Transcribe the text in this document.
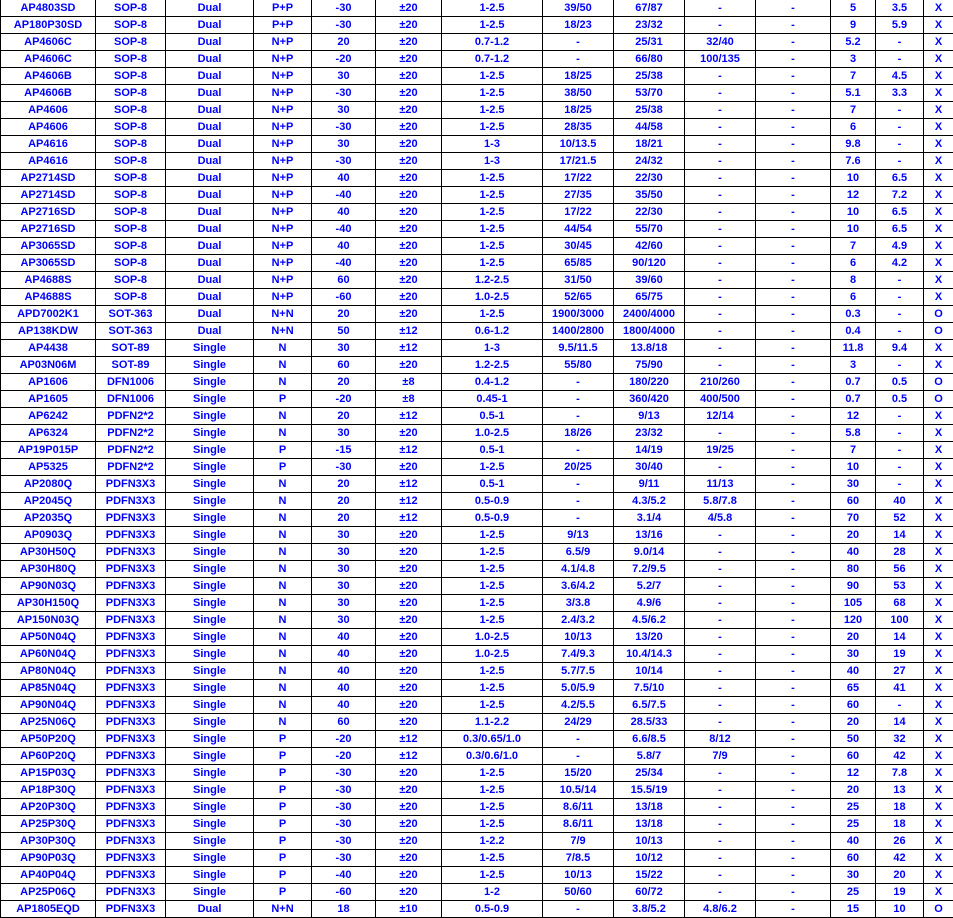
AP4803SD	SOP-8	Dual	P+P	-30	±20	1-2.5	39/50	67/87	-	-	5	3.5	X
AP180P30SD	SOP-8	Dual	P+P	-30	±20	1-2.5	18/23	23/32	-	-	9	5.9	X
AP4606C	SOP-8	Dual	N+P	20	±20	0.7-1.2	-	25/31	32/40	-	5.2	-	X
AP4606C	SOP-8	Dual	N+P	-20	±20	0.7-1.2	-	66/80	100/135	-	3	-	X
AP4606B	SOP-8	Dual	N+P	30	±20	1-2.5	18/25	25/38	-	-	7	4.5	X
AP4606B	SOP-8	Dual	N+P	-30	±20	1-2.5	38/50	53/70	-	-	5.1	3.3	X
AP4606	SOP-8	Dual	N+P	30	±20	1-2.5	18/25	25/38	-	-	7	-	X
AP4606	SOP-8	Dual	N+P	-30	±20	1-2.5	28/35	44/58	-	-	6	-	X
AP4616	SOP-8	Dual	N+P	30	±20	1-3	10/13.5	18/21	-	-	9.8	-	X
AP4616	SOP-8	Dual	N+P	-30	±20	1-3	17/21.5	24/32	-	-	7.6	-	X
AP2714SD	SOP-8	Dual	N+P	40	±20	1-2.5	17/22	22/30	-	-	10	6.5	X
AP2714SD	SOP-8	Dual	N+P	-40	±20	1-2.5	27/35	35/50	-	-	12	7.2	X
AP2716SD	SOP-8	Dual	N+P	40	±20	1-2.5	17/22	22/30	-	-	10	6.5	X
AP2716SD	SOP-8	Dual	N+P	-40	±20	1-2.5	44/54	55/70	-	-	10	6.5	X
AP3065SD	SOP-8	Dual	N+P	40	±20	1-2.5	30/45	42/60	-	-	7	4.9	X
AP3065SD	SOP-8	Dual	N+P	-40	±20	1-2.5	65/85	90/120	-	-	6	4.2	X
AP4688S	SOP-8	Dual	N+P	60	±20	1.2-2.5	31/50	39/60	-	-	8	-	X
AP4688S	SOP-8	Dual	N+P	-60	±20	1.0-2.5	52/65	65/75	-	-	6	-	X
APD7002K1	SOT-363	Dual	N+N	20	±20	1-2.5	1900/3000	2400/4000	-	-	0.3	-	O
AP138KDW	SOT-363	Dual	N+N	50	±12	0.6-1.2	1400/2800	1800/4000	-	-	0.4	-	O
AP4438	SOT-89	Single	N	30	±12	1-3	9.5/11.5	13.8/18	-	-	11.8	9.4	X
AP03N06M	SOT-89	Single	N	60	±20	1.2-2.5	55/80	75/90	-	-	3	-	X
AP1606	DFN1006	Single	N	20	±8	0.4-1.2	-	180/220	210/260	-	0.7	0.5	O
AP1605	DFN1006	Single	P	-20	±8	0.45-1	-	360/420	400/500	-	0.7	0.5	O
AP6242	PDFN2*2	Single	N	20	±12	0.5-1	-	9/13	12/14	-	12	-	X
AP6324	PDFN2*2	Single	N	30	±20	1.0-2.5	18/26	23/32	-	-	5.8	-	X
AP19P015P	PDFN2*2	Single	P	-15	±12	0.5-1	-	14/19	19/25	-	7	-	X
AP5325	PDFN2*2	Single	P	-30	±20	1-2.5	20/25	30/40	-	-	10	-	X
AP2080Q	PDFN3X3	Single	N	20	±12	0.5-1	-	9/11	11/13	-	30	-	X
AP2045Q	PDFN3X3	Single	N	20	±12	0.5-0.9	-	4.3/5.2	5.8/7.8	-	60	40	X
AP2035Q	PDFN3X3	Single	N	20	±12	0.5-0.9	-	3.1/4	4/5.8	-	70	52	X
AP0903Q	PDFN3X3	Single	N	30	±20	1-2.5	9/13	13/16	-	-	20	14	X
AP30H50Q	PDFN3X3	Single	N	30	±20	1-2.5	6.5/9	9.0/14	-	-	40	28	X
AP30H80Q	PDFN3X3	Single	N	30	±20	1-2.5	4.1/4.8	7.2/9.5	-	-	80	56	X
AP90N03Q	PDFN3X3	Single	N	30	±20	1-2.5	3.6/4.2	5.2/7	-	-	90	53	X
AP30H150Q	PDFN3X3	Single	N	30	±20	1-2.5	3/3.8	4.9/6	-	-	105	68	X
AP150N03Q	PDFN3X3	Single	N	30	±20	1-2.5	2.4/3.2	4.5/6.2	-	-	120	100	X
AP50N04Q	PDFN3X3	Single	N	40	±20	1.0-2.5	10/13	13/20	-	-	20	14	X
AP60N04Q	PDFN3X3	Single	N	40	±20	1.0-2.5	7.4/9.3	10.4/14.3	-	-	30	19	X
AP80N04Q	PDFN3X3	Single	N	40	±20	1-2.5	5.7/7.5	10/14	-	-	40	27	X
AP85N04Q	PDFN3X3	Single	N	40	±20	1-2.5	5.0/5.9	7.5/10	-	-	65	41	X
AP90N04Q	PDFN3X3	Single	N	40	±20	1-2.5	4.2/5.5	6.5/7.5	-	-	60	-	X
AP25N06Q	PDFN3X3	Single	N	60	±20	1.1-2.2	24/29	28.5/33	-	-	20	14	X
AP50P20Q	PDFN3X3	Single	P	-20	±12	0.3/0.65/1.0	-	6.6/8.5	8/12	-	50	32	X
AP60P20Q	PDFN3X3	Single	P	-20	±12	0.3/0.6/1.0	-	5.8/7	7/9	-	60	42	X
AP15P03Q	PDFN3X3	Single	P	-30	±20	1-2.5	15/20	25/34	-	-	12	7.8	X
AP18P30Q	PDFN3X3	Single	P	-30	±20	1-2.5	10.5/14	15.5/19	-	-	20	13	X
AP20P30Q	PDFN3X3	Single	P	-30	±20	1-2.5	8.6/11	13/18	-	-	25	18	X
AP25P30Q	PDFN3X3	Single	P	-30	±20	1-2.5	8.6/11	13/18	-	-	25	18	X
AP30P30Q	PDFN3X3	Single	P	-30	±20	1-2.2	7/9	10/13	-	-	40	26	X
AP90P03Q	PDFN3X3	Single	P	-30	±20	1-2.5	7/8.5	10/12	-	-	60	42	X
AP40P04Q	PDFN3X3	Single	P	-40	±20	1-2.5	10/13	15/22	-	-	30	20	X
AP25P06Q	PDFN3X3	Single	P	-60	±20	1-2	50/60	60/72	-	-	25	19	X
AP1805EQD	PDFN3X3	Dual	N+N	18	±10	0.5-0.9	-	3.8/5.2	4.8/6.2	-	15	10	O
